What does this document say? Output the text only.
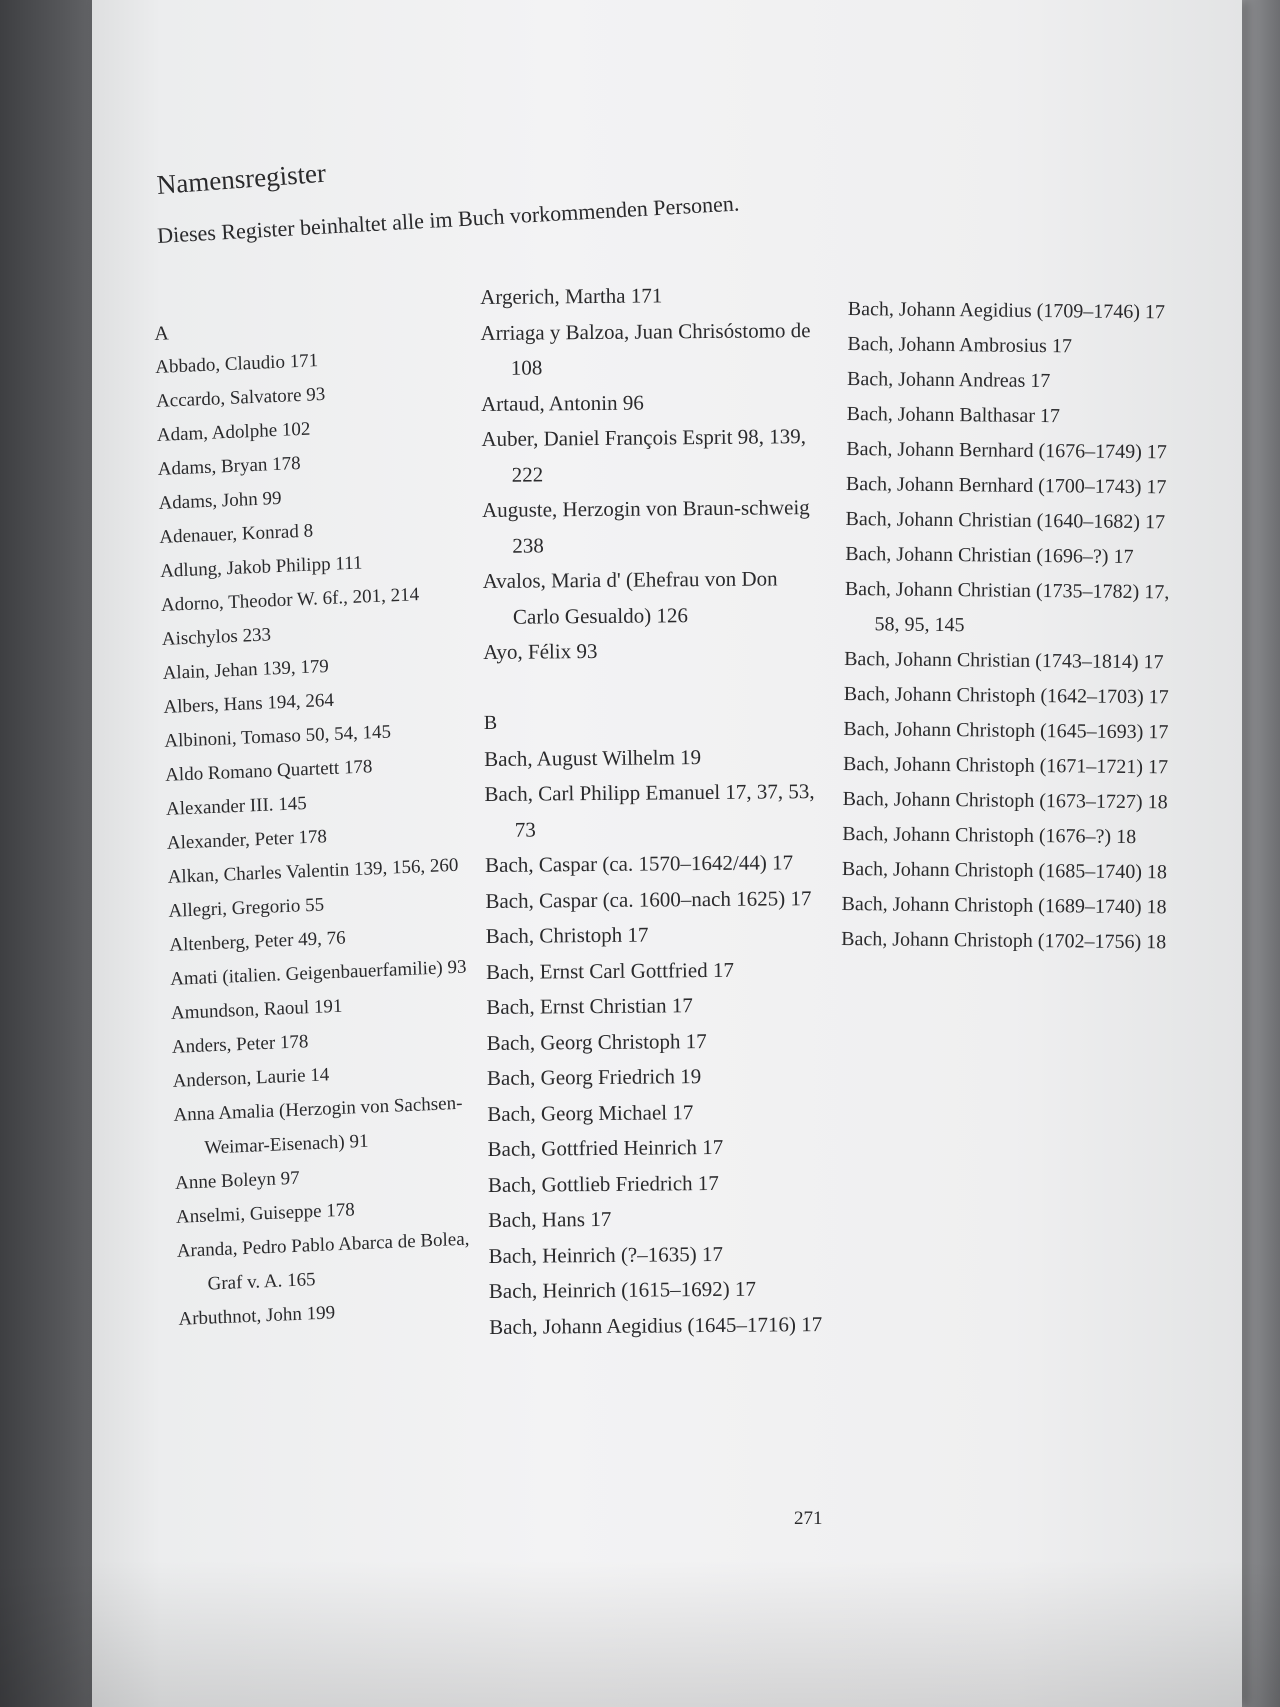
Namensregister
Dieses Register beinhaltet alle im Buch vorkommenden Personen.
A
Abbado, Claudio 171
Accardo, Salvatore 93
Adam, Adolphe 102
Adams, Bryan 178
Adams, John 99
Adenauer, Konrad 8
Adlung, Jakob Philipp 111
Adorno, Theodor W. 6f., 201, 214
Aischylos 233
Alain, Jehan 139, 179
Albers, Hans 194, 264
Albinoni, Tomaso 50, 54, 145
Aldo Romano Quartett 178
Alexander III. 145
Alexander, Peter 178
Alkan, Charles Valentin 139, 156, 260
Allegri, Gregorio 55
Altenberg, Peter 49, 76
Amati (italien. Geigenbauerfamilie) 93
Amundson, Raoul 191
Anders, Peter 178
Anderson, Laurie 14
Anna Amalia (Herzogin von Sachsen-Weimar-Eisenach) 91
Anne Boleyn 97
Anselmi, Guiseppe 178
Aranda, Pedro Pablo Abarca de Bolea, Graf v. A. 165
Arbuthnot, John 199
Argerich, Martha 171
Arriaga y Balzoa, Juan Chrisóstomo de 108
Artaud, Antonin 96
Auber, Daniel François Esprit 98, 139, 222
Auguste, Herzogin von Braun-schweig 238
Avalos, Maria d' (Ehefrau von Don Carlo Gesualdo) 126
Ayo, Félix 93
B
Bach, August Wilhelm 19
Bach, Carl Philipp Emanuel 17, 37, 53, 73
Bach, Caspar (ca. 1570–1642/44) 17
Bach, Caspar (ca. 1600–nach 1625) 17
Bach, Christoph 17
Bach, Ernst Carl Gottfried 17
Bach, Ernst Christian 17
Bach, Georg Christoph 17
Bach, Georg Friedrich 19
Bach, Georg Michael 17
Bach, Gottfried Heinrich 17
Bach, Gottlieb Friedrich 17
Bach, Hans 17
Bach, Heinrich (?–1635) 17
Bach, Heinrich (1615–1692) 17
Bach, Johann Aegidius (1645–1716) 17
Bach, Johann Aegidius (1709–1746) 17
Bach, Johann Ambrosius 17
Bach, Johann Andreas 17
Bach, Johann Balthasar 17
Bach, Johann Bernhard (1676–1749) 17
Bach, Johann Bernhard (1700–1743) 17
Bach, Johann Christian (1640–1682) 17
Bach, Johann Christian (1696–?) 17
Bach, Johann Christian (1735–1782) 17, 58, 95, 145
Bach, Johann Christian (1743–1814) 17
Bach, Johann Christoph (1642–1703) 17
Bach, Johann Christoph (1645–1693) 17
Bach, Johann Christoph (1671–1721) 17
Bach, Johann Christoph (1673–1727) 18
Bach, Johann Christoph (1676–?) 18
Bach, Johann Christoph (1685–1740) 18
Bach, Johann Christoph (1689–1740) 18
Bach, Johann Christoph (1702–1756) 18
271
